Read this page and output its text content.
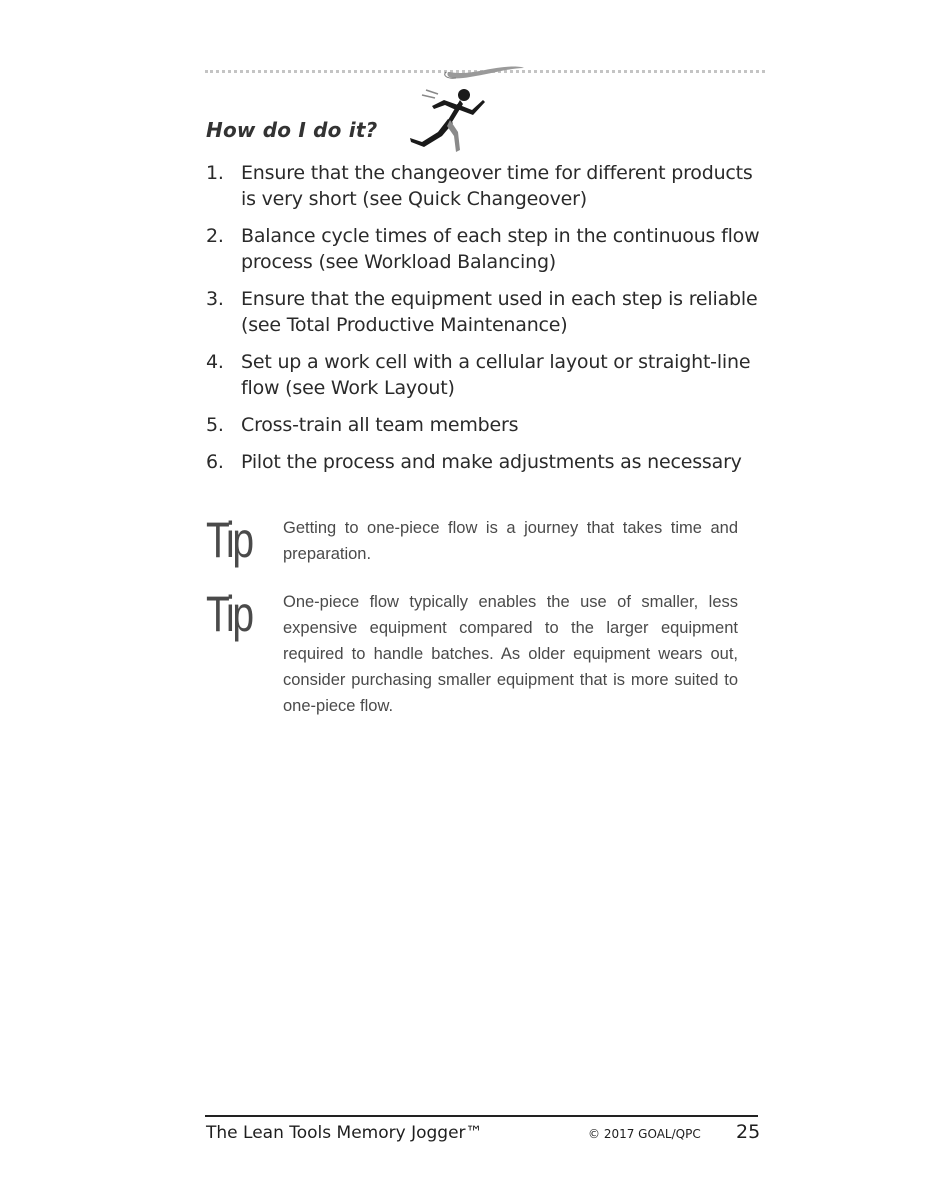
How do I do it?
1. Ensure that the changeover time for different products is very short (see Quick Changeover)
2. Balance cycle times of each step in the continuous flow process (see Workload Balancing)
3. Ensure that the equipment used in each step is reliable (see Total Productive Maintenance)
4. Set up a work cell with a cellular layout or straight-line flow (see Work Layout)
5. Cross-train all team members
6. Pilot the process and make adjustments as necessary
Tip Getting to one-piece flow is a journey that takes time and preparation.
Tip One-piece flow typically enables the use of smaller, less expensive equipment compared to the larger equipment required to handle batches. As older equipment wears out, consider purchasing smaller equipment that is more suited to one-piece flow.
The Lean Tools Memory Jogger™	© 2017 GOAL/QPC 25
